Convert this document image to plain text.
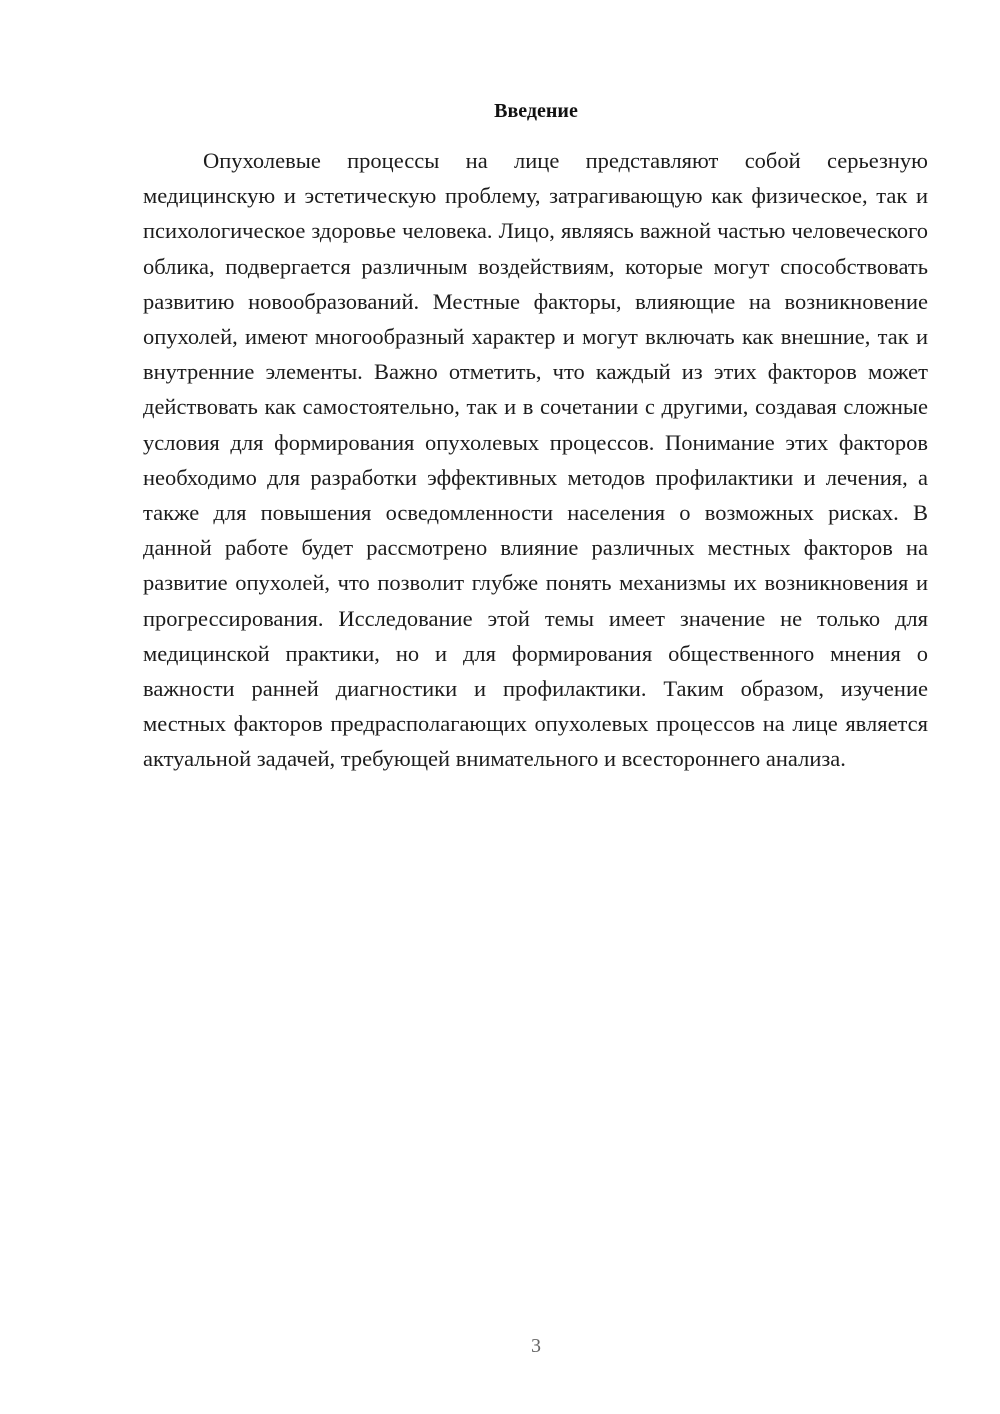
Введение

Опухолевые процессы на лице представляют собой серьезную медицинскую и эстетическую проблему, затрагивающую как физическое, так и психологическое здоровье человека. Лицо, являясь важной частью человеческого облика, подвергается различным воздействиям, которые могут способствовать развитию новообразований. Местные факторы, влияющие на возникновение опухолей, имеют многообразный характер и могут включать как внешние, так и внутренние элементы. Важно отметить, что каждый из этих факторов может действовать как самостоятельно, так и в сочетании с другими, создавая сложные условия для формирования опухолевых процессов. Понимание этих факторов необходимо для разработки эффективных методов профилактики и лечения, а также для повышения осведомленности населения о возможных рисках. В данной работе будет рассмотрено влияние различных местных факторов на развитие опухолей, что позволит глубже понять механизмы их возникновения и прогрессирования. Исследование этой темы имеет значение не только для медицинской практики, но и для формирования общественного мнения о важности ранней диагностики и профилактики. Таким образом, изучение местных факторов предрасполагающих опухолевых процессов на лице является актуальной задачей, требующей внимательного и всестороннего анализа.

3
